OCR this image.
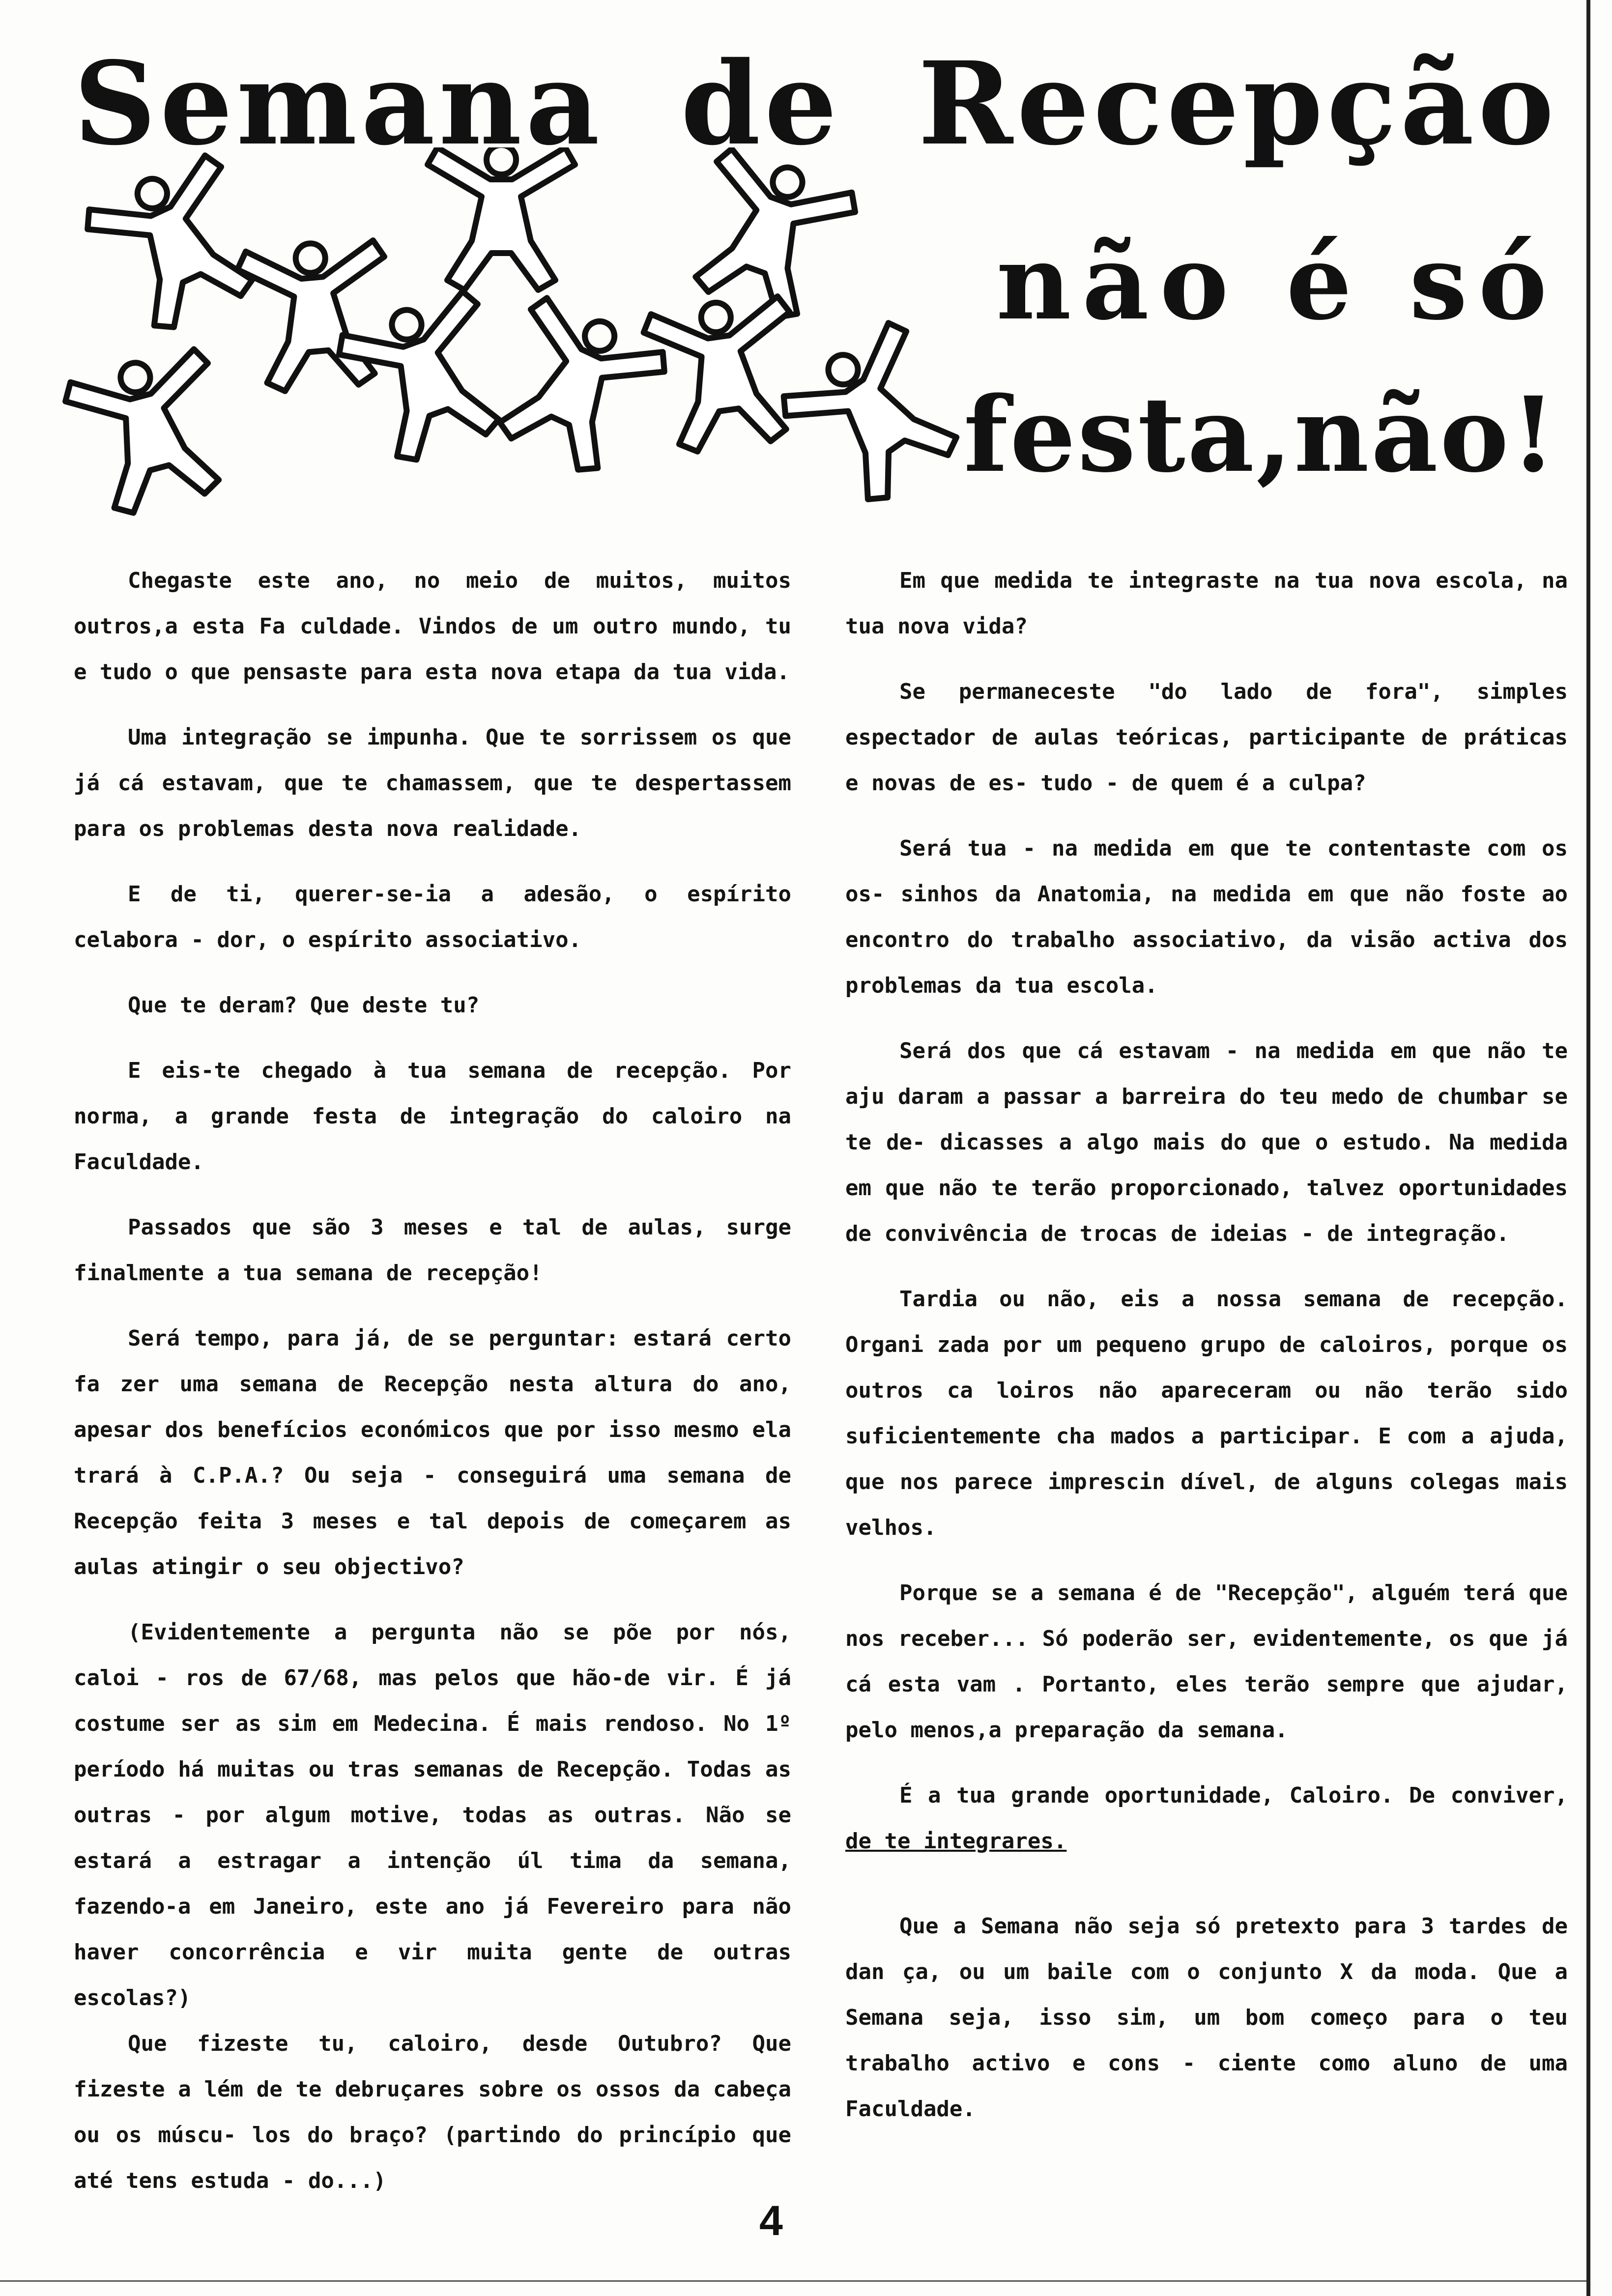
Semana de Recepção
não é só
festa,não!

Chegaste este ano, no meio de muitos, muitos outros,a esta Fa culdade. Vindos de um outro mundo, tu e tudo o que pensaste para esta nova etapa da tua vida.

Uma integração se impunha. Que te sorrissem os que já cá estavam, que te chamassem, que te despertassem para os problemas desta nova realidade.

E de ti, querer-se-ia a adesão, o espírito celabora - dor, o espírito associativo.

Que te deram? Que deste tu?

E eis-te chegado à tua semana de recepção. Por norma, a grande festa de integração do caloiro na Faculdade.

Passados que são 3 meses e tal de aulas, surge finalmente a tua semana de recepção!

Será tempo, para já, de se perguntar: estará certo fa zer uma semana de Recepção nesta altura do ano, apesar dos benefícios económicos que por isso mesmo ela trará à C.P.A.? Ou seja - conseguirá uma semana de Recepção feita 3 meses e tal depois de começarem as aulas atingir o seu objectivo?

(Evidentemente a pergunta não se põe por nós, caloi - ros de 67/68, mas pelos que hão-de vir. É já costume ser as sim em Medecina. É mais rendoso. No 1º período há muitas ou tras semanas de Recepção. Todas as outras - por algum motive, todas as outras. Não se estará a estragar a intenção úl tima da semana, fazendo-a em Janeiro, este ano já Fevereiro para não haver concorrência e vir muita gente de outras escolas?)

Que fizeste tu, caloiro, desde Outubro? Que fizeste a lém de te debruçares sobre os ossos da cabeça ou os múscu- los do braço? (partindo do princípio que até tens estuda - do...)

Em que medida te integraste na tua nova escola, na tua nova vida?

Se permaneceste "do lado de fora", simples espectador de aulas teóricas, participante de práticas e novas de es- tudo - de quem é a culpa?

Será tua - na medida em que te contentaste com os os- sinhos da Anatomia, na medida em que não foste ao encontro do trabalho associativo, da visão activa dos problemas da tua escola.

Será dos que cá estavam - na medida em que não te aju daram a passar a barreira do teu medo de chumbar se te de- dicasses a algo mais do que o estudo. Na medida em que não te terão proporcionado, talvez oportunidades de convivência de trocas de ideias - de integração.

Tardia ou não, eis a nossa semana de recepção. Organi zada por um pequeno grupo de caloiros, porque os outros ca loiros não apareceram ou não terão sido suficientemente cha mados a participar. E com a ajuda, que nos parece imprescin dível, de alguns colegas mais velhos.

Porque se a semana é de "Recepção", alguém terá que nos receber... Só poderão ser, evidentemente, os que já cá esta vam . Portanto, eles terão sempre que ajudar, pelo menos,a preparação da semana.

É a tua grande oportunidade, Caloiro. De conviver, de te integrares.

Que a Semana não seja só pretexto para 3 tardes de dan ça, ou um baile com o conjunto X da moda. Que a Semana seja, isso sim, um bom começo para o teu trabalho activo e cons - ciente como aluno de uma Faculdade.

4
